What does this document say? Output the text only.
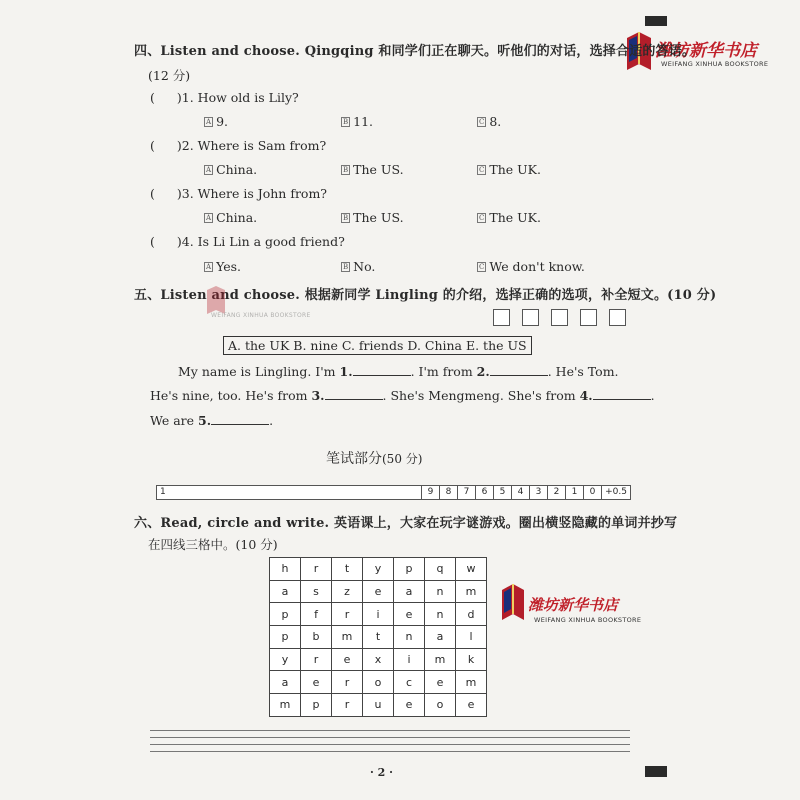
潍坊新华书店
WEIFANG XINHUA BOOKSTORE
四、Listen and choose. Qingqing 和同学们正在聊天。听他们的对话，选择合适的答语。
(12 分)
( )1. How old is Lily?
A 9.	B 11.	C 8.
( )2. Where is Sam from?
A China.	B The US.	C The UK.
( )3. Where is John from?
A China.	B The US.	C The UK.
( )4. Is Li Lin a good friend?
A Yes.	B No.	C We don't know.
五、Listen and choose. 根据新同学 Lingling 的介绍，选择正确的选项，补全短文。(10 分)
WEIFANG XINHUA BOOKSTORE
A. the UK B. nine C. friends D. China E. the US
My name is Lingling. I'm 1.	. I'm from 2.	. He's Tom.
He's nine, too. He's from 3.	. She's Mengmeng. She's from 4.	.
We are 5.	.
笔试部分(50 分)
1	9	8	7	6	5	4	3	2	1	0	+0.5
六、Read, circle and write. 英语课上，大家在玩字谜游戏。圈出横竖隐藏的单词并抄写
在四线三格中。(10 分)
h	r	t	y	p	q	w
a	s	z	e	a	n	m
p	f	r	i	e	n	d
p	b	m	t	n	a	l
y	r	e	x	i	m	k
a	e	r	o	c	e	m
m	p	r	u	e	o	e
潍坊新华书店
WEIFANG XINHUA BOOKSTORE
· 2 ·
